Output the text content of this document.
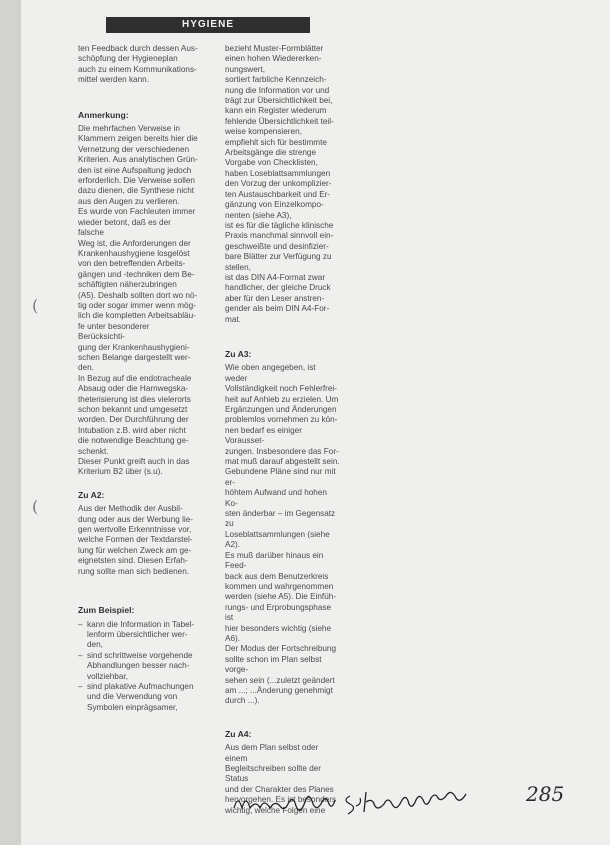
HYGIENE
(
(

ten Feedback durch dessen Aus-

schöpfung der Hygieneplan

auch zu einem Kommunikations-

mittel werden kann.

Anmerkung:

Die mehrfachen Verweise in

Klammern zeigen bereits hier die

Vernetzung der verschiedenen

Kriterien. Aus analytischen Grün-

den ist eine Aufspaltung jedoch

erforderlich. Die Verweise sollen

dazu dienen, die Synthese nicht

aus den Augen zu verlieren.

Es wurde von Fachleuten immer

wieder betont, daß es der falsche

Weg ist, die Anforderungen der

Krankenhaushygiene losgelöst

von den betreffenden Arbeits-

gängen und -techniken dem Be-

schäftigten näherzubringen

(A5). Deshalb sollten dort wo nö-

tig oder sogar immer wenn mög-

lich die kompletten Arbeitsabläu-

fe unter besonderer Berücksichti-

gung der Krankenhaushygieni-

schen Belange dargestellt wer-

den.

In Bezug auf die endotracheale

Absaug oder die Harnwegska-

theterisierung ist dies vielerorts

schon bekannt und umgesetzt

worden. Der Durchführung der

Intubation z.B. wird aber nicht

die notwendige Beachtung ge-

schenkt.

Dieser Punkt greift auch in das

Kriterium B2 über (s.u).

Zu A2:

Aus der Methodik der Ausbil-

dung oder aus der Werbung lie-

gen wertvolle Erkenntnisse vor,

welche Formen der Textdarstel-

lung für welchen Zweck am ge-

eignetsten sind. Diesen Erfah-

rung sollte man sich bedienen.

Zum Beispiel:
– kann die Information in Tabel-
lenform übersichtlicher wer-
den,
– sind schrittweise vorgehende
Abhandlungen besser nach-
vollziehbar,
– sind plakative Aufmachungen
und die Verwendung von
Symbolen einprägsamer,

bezieht Muster-Formblätter

einen hohen Wiedererken-

nungswert,

sortiert farbliche Kennzeich-

nung die Information vor und

trägt zur Übersichtlichkeit bei,

kann ein Register wiederum

fehlende Übersichtlichkeit teil-

weise kompensieren,

empfiehlt sich für bestimmte

Arbeitsgänge die strenge

Vorgabe von Checklisten,

haben Loseblattsammlungen

den Vorzug der unkomplizier-

ten Austauschbarkeit und Er-

gänzung von Einzelkompo-

nenten (siehe A3),

ist es für die tägliche klinische

Praxis manchmal sinnvoll ein-

geschweißte und desinfizier-

bare Blätter zur Verfügung zu

stellen,

ist das DIN A4-Format zwar

handlicher, der gleiche Druck

aber für den Leser anstren-

gender als beim DIN A4-For-

mat.

Zu A3:

Wie oben angegeben, ist weder

Vollständigkeit noch Fehlerfrei-

heit auf Anhieb zu erzielen. Um

Ergänzungen und Änderungen

problemlos vornehmen zu kön-

nen bedarf es einiger Vorausset-

zungen. Insbesondere das For-

mat muß darauf abgestellt sein.

Gebundene Pläne sind nur mit er-

höhtem Aufwand und hohen Ko-

sten änderbar – im Gegensatz zu

Loseblattsammlungen (siehe A2).

Es muß darüber hinaus ein Feed-

back aus dem Benutzerkreis

kommen und wahrgenommen

werden (siehe A5). Die Einfüh-

rungs- und Erprobungsphase ist

hier besonders wichtig (siehe A6).

Der Modus der Fortschreibung

sollte schon im Plan selbst vorge-

sehen sein (...zuletzt geändert

am ...; ...Änderung genehmigt

durch ...).

Zu A4:

Aus dem Plan selbst oder einem

Begleitschreiben sollte der Status

und der Charakter des Planes

hervorgehen. Es ist besonders

wichtig, welche Folgen eine

285
